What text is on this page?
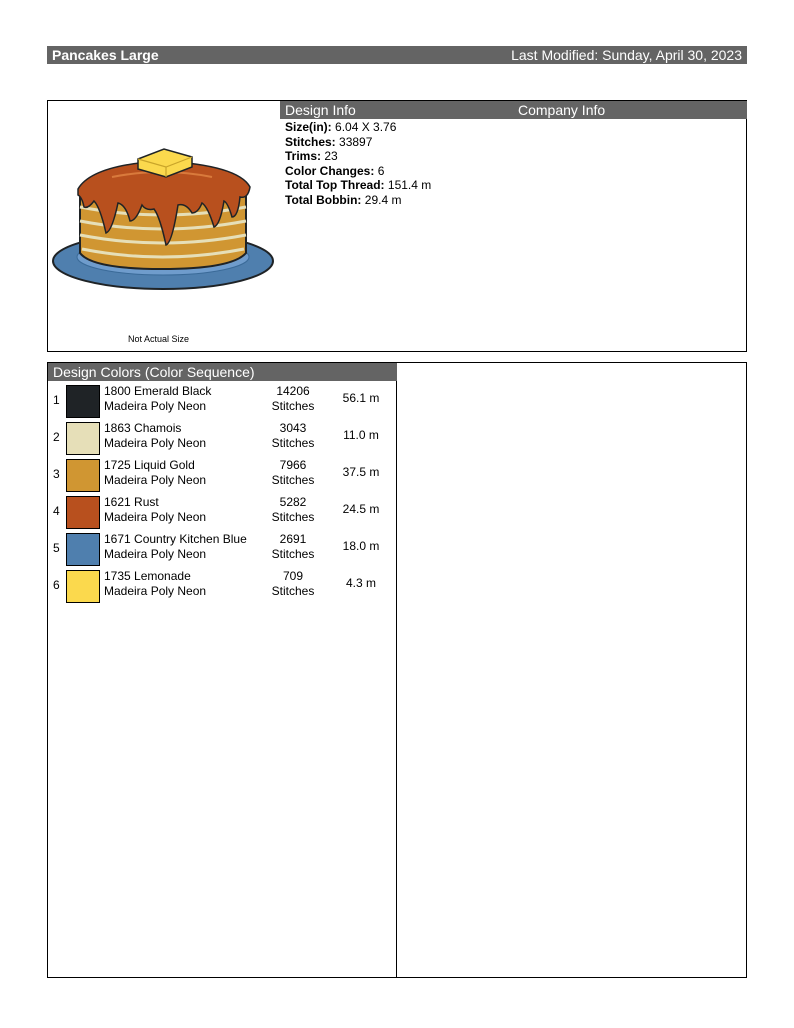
Pancakes Large	Last Modified: Sunday, April 30, 2023
Not Actual Size
Design Info	Company Info
Size(in): 6.04 X 3.76
Stitches: 33897
Trims: 23
Color Changes: 6
Total Top Thread: 151.4 m
Total Bobbin: 29.4 m
Design Colors (Color Sequence)
1
1800 Emerald Black
Madeira Poly Neon
14206
Stitches
56.1 m
2
1863 Chamois
Madeira Poly Neon
3043
Stitches
11.0 m
3
1725 Liquid Gold
Madeira Poly Neon
7966
Stitches
37.5 m
4
1621 Rust
Madeira Poly Neon
5282
Stitches
24.5 m
5
1671 Country Kitchen Blue
Madeira Poly Neon
2691
Stitches
18.0 m
6
1735 Lemonade
Madeira Poly Neon
709
Stitches
4.3 m
